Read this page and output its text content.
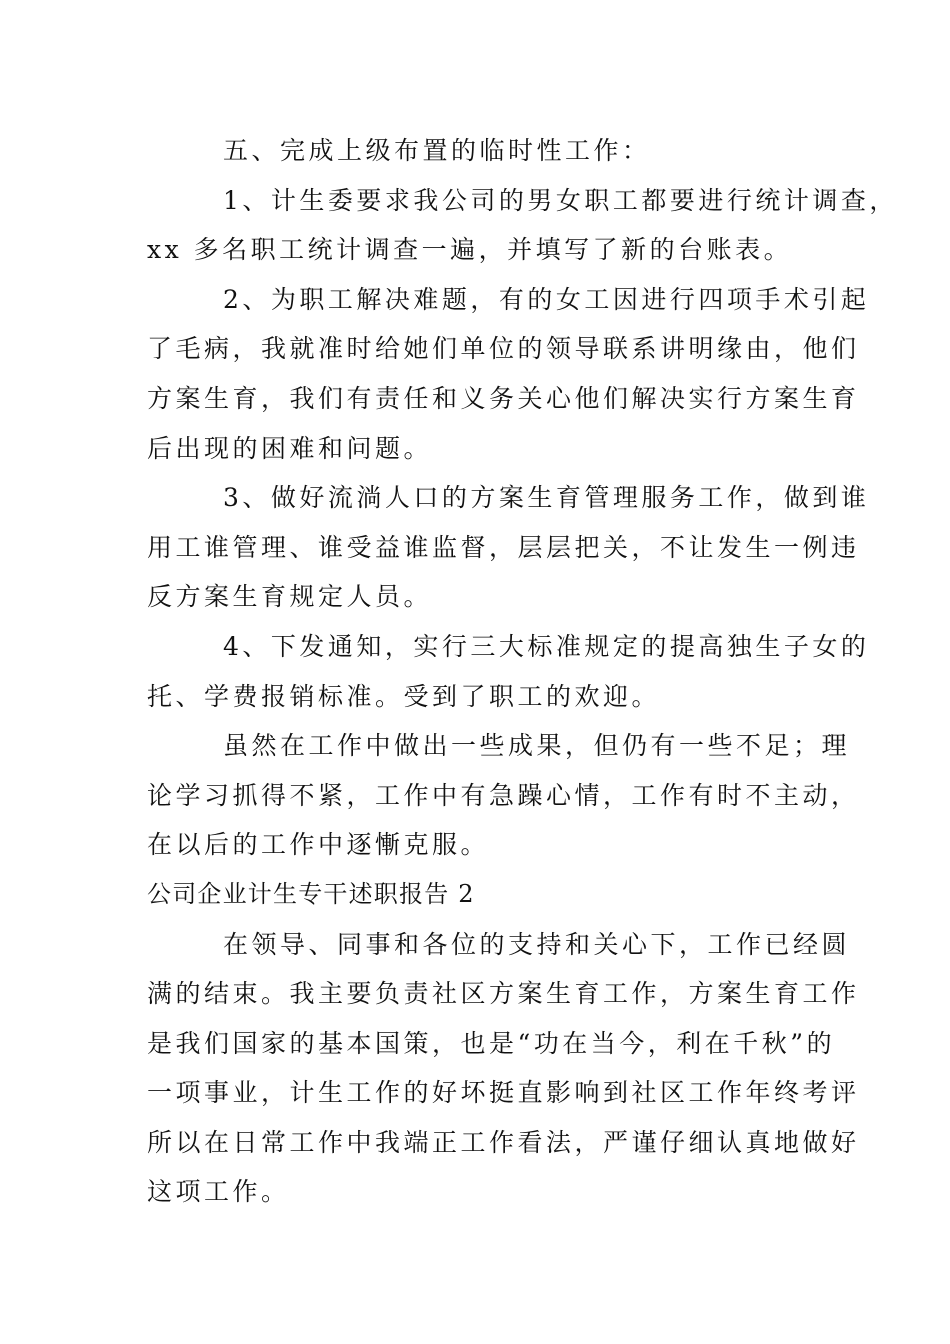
五、完成上级布置的临时性工作：

1、计生委要求我公司的男女职工都要进行统计调查，

xx 多名职工统计调查一遍，并填写了新的台账表。

2、为职工解决难题，有的女工因进行四项手术引起

了毛病，我就准时给她们单位的领导联系讲明缘由，他们

方案生育，我们有责任和义务关心他们解决实行方案生育

后出现的困难和问题。

3、做好流淌人口的方案生育管理服务工作，做到谁

用工谁管理、谁受益谁监督，层层把关，不让发生一例违

反方案生育规定人员。

4、下发通知，实行三大标准规定的提高独生子女的

托、学费报销标准。受到了职工的欢迎。

虽然在工作中做出一些成果，但仍有一些不足；理

论学习抓得不紧，工作中有急躁心情，工作有时不主动，

在以后的工作中逐慚克服。

公司企业计生专干述职报告 2

在领导、同事和各位的支持和关心下，工作已经圆

满的结束。我主要负责社区方案生育工作，方案生育工作

是我们国家的基本国策，也是“功在当今，利在千秋”的

一项事业，计生工作的好坏挺直影响到社区工作年终考评

所以在日常工作中我端正工作看法，严谨仔细认真地做好

这项工作。
